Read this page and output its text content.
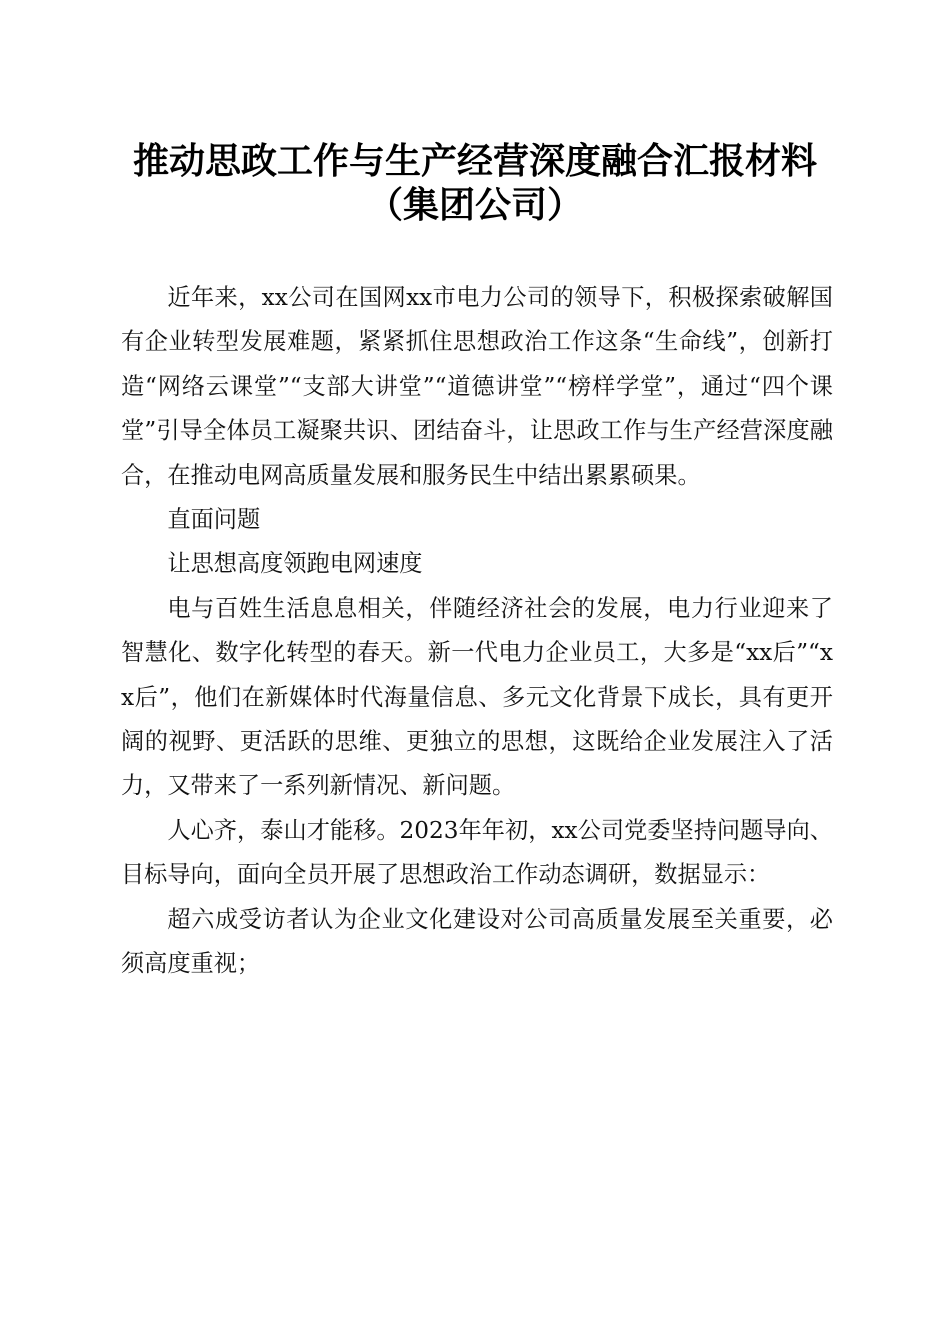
推动思政工作与生产经营深度融合汇报材料
（集团公司）

近年来，xx公司在国网xx市电力公司的领导下，积极探索破解国有企业转型发展难题，紧紧抓住思想政治工作这条“生命线”，创新打造“网络云课堂”“支部大讲堂”“道德讲堂”“榜样学堂”，通过“四个课堂”引导全体员工凝聚共识、团结奋斗，让思政工作与生产经营深度融合，在推动电网高质量发展和服务民生中结出累累硕果。

直面问题

让思想高度领跑电网速度

电与百姓生活息息相关，伴随经济社会的发展，电力行业迎来了智慧化、数字化转型的春天。新一代电力企业员工，大多是“xx后”“xx后”，他们在新媒体时代海量信息、多元文化背景下成长，具有更开阔的视野、更活跃的思维、更独立的思想，这既给企业发展注入了活力，又带来了一系列新情况、新问题。

人心齐，泰山才能移。2023年年初，xx公司党委坚持问题导向、目标导向，面向全员开展了思想政治工作动态调研，数据显示：

超六成受访者认为企业文化建设对公司高质量发展至关重要，必须高度重视；
